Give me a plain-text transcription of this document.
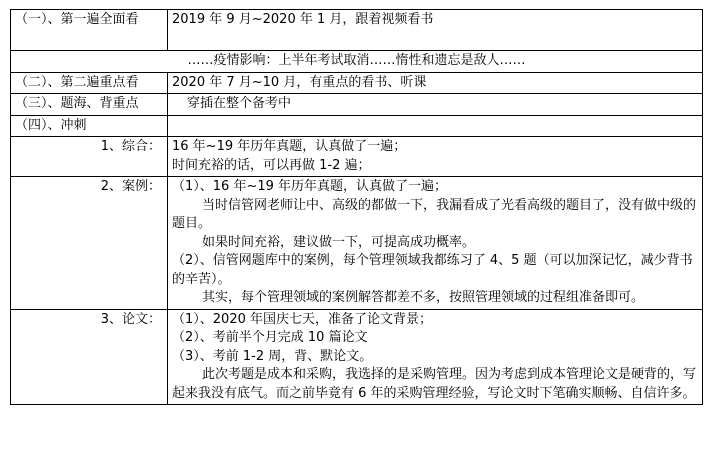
（一）、第一遍全面看	2019 年 9 月~2020 年 1 月，跟着视频看书
……疫情影响：上半年考试取消……惰性和遗忘是敌人……	
（二）、第二遍重点看	2020 年 7 月~10 月，有重点的看书、听课
（三）、题海、背重点	穿插在整个备考中
（四）、冲刺	
1、综合：	16 年~19 年历年真题，认真做了一遍；

时间充裕的话，可以再做 1-2 遍；

2、案例：	（1）、16 年~19 年历年真题，认真做了一遍；

当时信管网老师让中、高级的都做一下，我漏看成了光看高级的题目了，没有做中级的题目。

如果时间充裕，建议做一下，可提高成功概率。

（2）、信管网题库中的案例，每个管理领域我都练习了 4、5 题（可以加深记忆，减少背书的辛苦）。

其实，每个管理领域的案例解答都差不多，按照管理领域的过程组准备即可。

3、论文：	（1）、2020 年国庆七天，准备了论文背景；

（2）、考前半个月完成 10 篇论文

（3）、考前 1-2 周，背、默论文。

此次考题是成本和采购，我选择的是采购管理。因为考虑到成本管理论文是硬背的，写起来我没有底气。而之前毕竟有 6 年的采购管理经验，写论文时下笔确实顺畅、自信许多。
